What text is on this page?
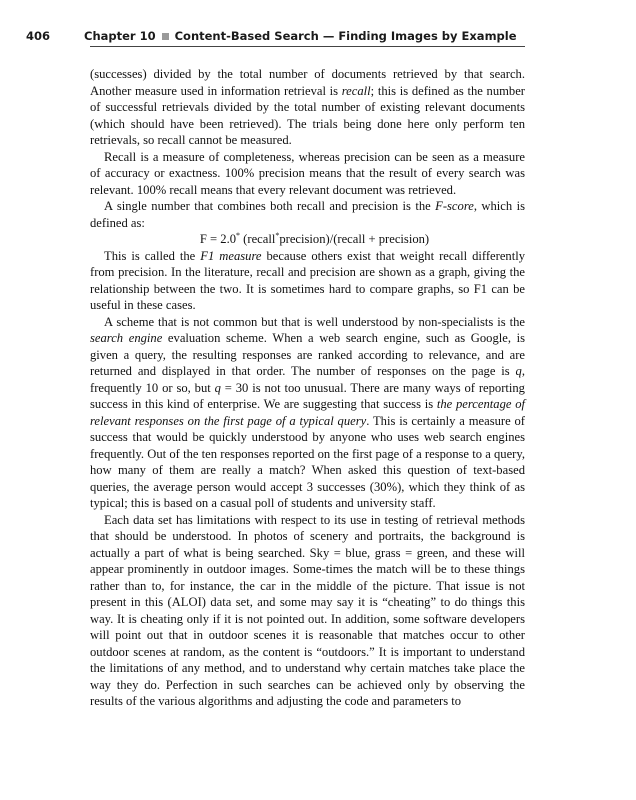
406	Chapter 10 Content-Based Search — Finding Images by Example

(successes) divided by the total number of documents retrieved by that search. Another measure used in information retrieval is recall; this is defined as the number of successful retrievals divided by the total number of existing relevant documents (which should have been retrieved). The trials being done here only perform ten retrievals, so recall cannot be measured.

Recall is a measure of completeness, whereas precision can be seen as a measure of accuracy or exactness. 100% precision means that the result of every search was relevant. 100% recall means that every relevant document was retrieved.

A single number that combines both recall and precision is the F-score, which is defined as:

F = 2.0* (recall*precision)/(recall + precision)

This is called the F1 measure because others exist that weight recall differently from precision. In the literature, recall and precision are shown as a graph, giving the relationship between the two. It is sometimes hard to compare graphs, so F1 can be useful in these cases.

A scheme that is not common but that is well understood by non-specialists is the search engine evaluation scheme. When a web search engine, such as Google, is given a query, the resulting responses are ranked according to relevance, and are returned and displayed in that order. The number of responses on the page is q, frequently 10 or so, but q = 30 is not too unusual. There are many ways of reporting success in this kind of enterprise. We are suggesting that success is the percentage of relevant responses on the first page of a typical query. This is certainly a measure of success that would be quickly understood by anyone who uses web search engines frequently. Out of the ten responses reported on the first page of a response to a query, how many of them are really a match? When asked this question of text-based queries, the average person would accept 3 successes (30%), which they think of as typical; this is based on a casual poll of students and university staff.

Each data set has limitations with respect to its use in testing of retrieval methods that should be understood. In photos of scenery and portraits, the background is actually a part of what is being searched. Sky = blue, grass = green, and these will appear prominently in outdoor images. Some-times the match will be to these things rather than to, for instance, the car in the middle of the picture. That issue is not present in this (ALOI) data set, and some may say it is “cheating” to do things this way. It is cheating only if it is not pointed out. In addition, some software developers will point out that in outdoor scenes it is reasonable that matches occur to other outdoor scenes at random, as the content is “outdoors.” It is important to understand the limitations of any method, and to understand why certain matches take place the way they do. Perfection in such searches can be achieved only by observing the results of the various algorithms and adjusting the code and parameters to
